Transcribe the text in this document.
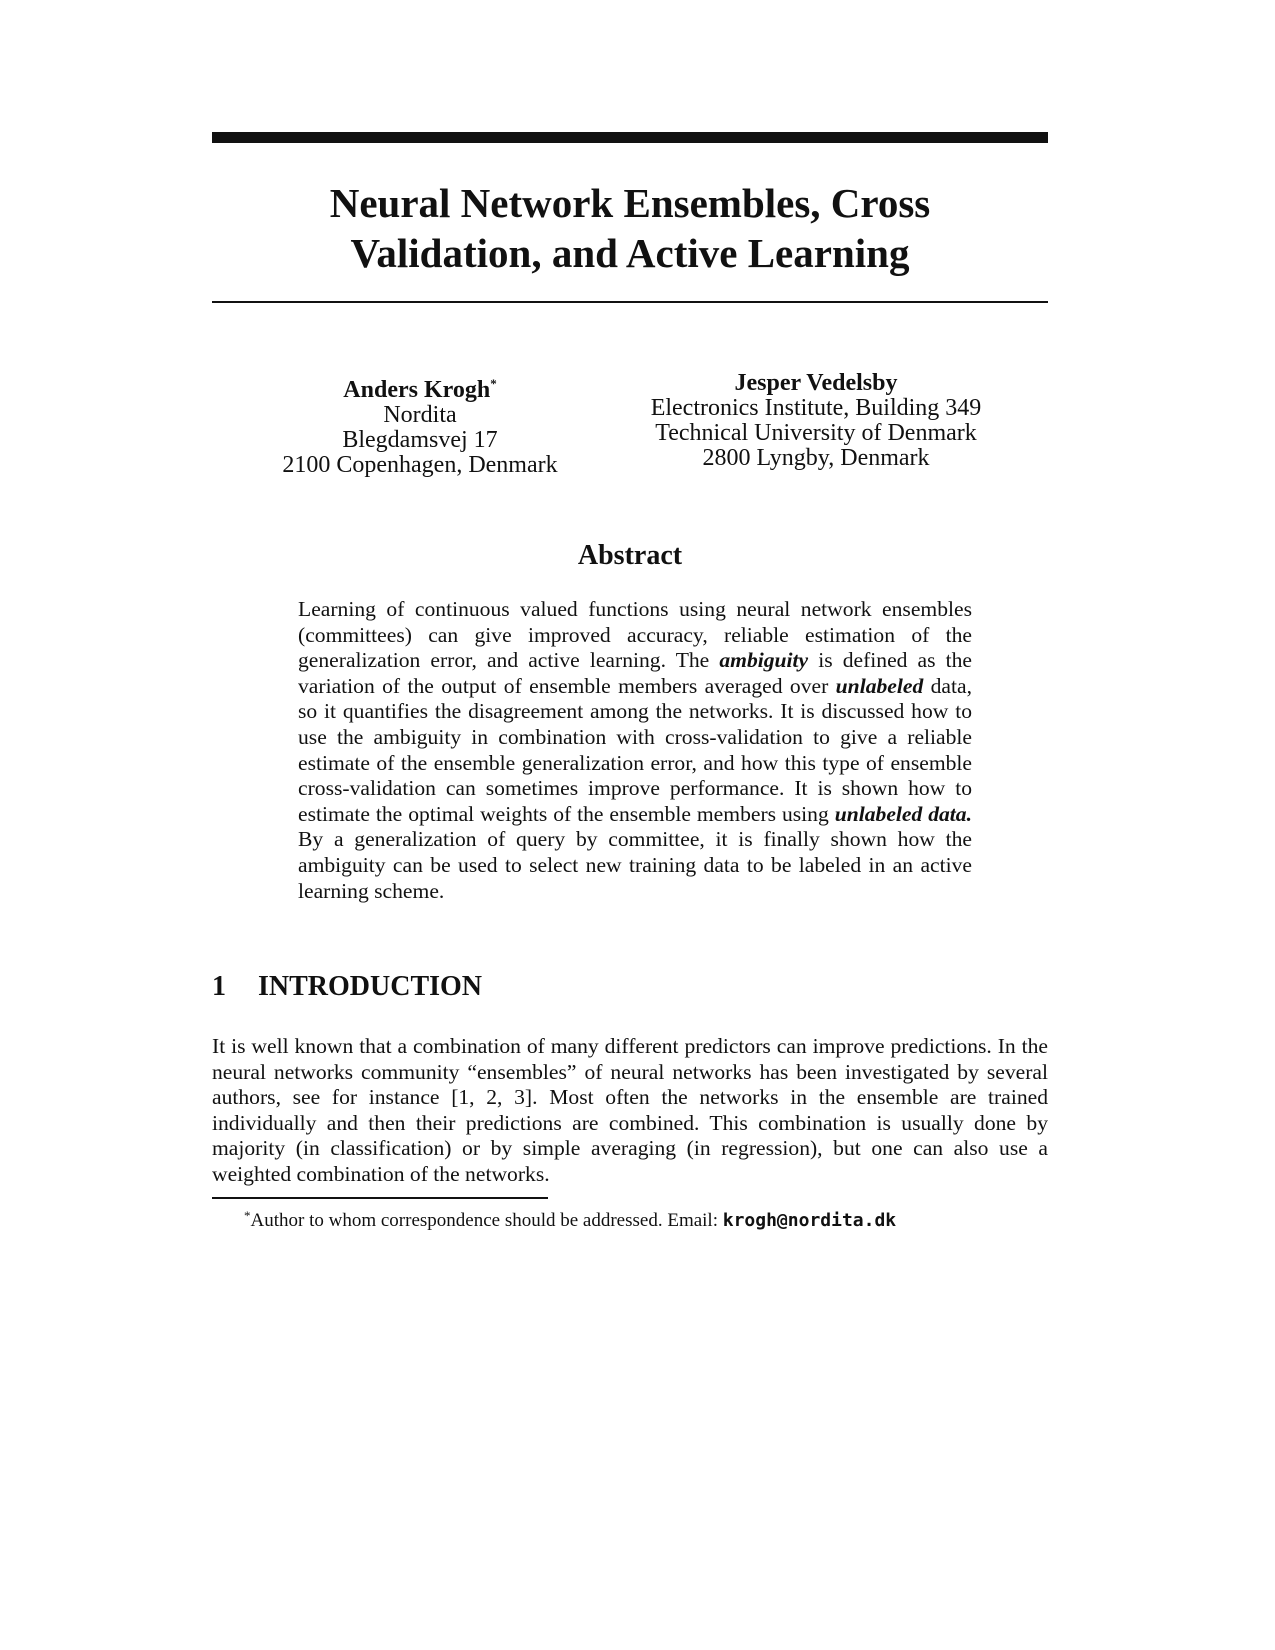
Neural Network Ensembles, Cross
Validation, and Active Learning
Anders Krogh*
Nordita
Blegdamsvej 17
2100 Copenhagen, Denmark
Jesper Vedelsby
Electronics Institute, Building 349
Technical University of Denmark
2800 Lyngby, Denmark
Abstract

Learning of continuous valued functions using neural network ensembles (committees) can give improved accuracy, reliable estimation of the generalization error, and active learning. The ambiguity is defined as the variation of the output of ensemble members averaged over unlabeled data, so it quantifies the disagreement among the networks. It is discussed how to use the ambiguity in combination with cross-validation to give a reliable estimate of the ensemble generalization error, and how this type of ensemble cross-validation can sometimes improve performance. It is shown how to estimate the optimal weights of the ensemble members using unlabeled data. By a generalization of query by committee, it is finally shown how the ambiguity can be used to select new training data to be labeled in an active learning scheme.

1 INTRODUCTION

It is well known that a combination of many different predictors can improve predictions. In the neural networks community “ensembles” of neural networks has been investigated by several authors, see for instance [1, 2, 3]. Most often the networks in the ensemble are trained individually and then their predictions are combined. This combination is usually done by majority (in classification) or by simple averaging (in regression), but one can also use a weighted combination of the networks.

*Author to whom correspondence should be addressed. Email: krogh@nordita.dk
